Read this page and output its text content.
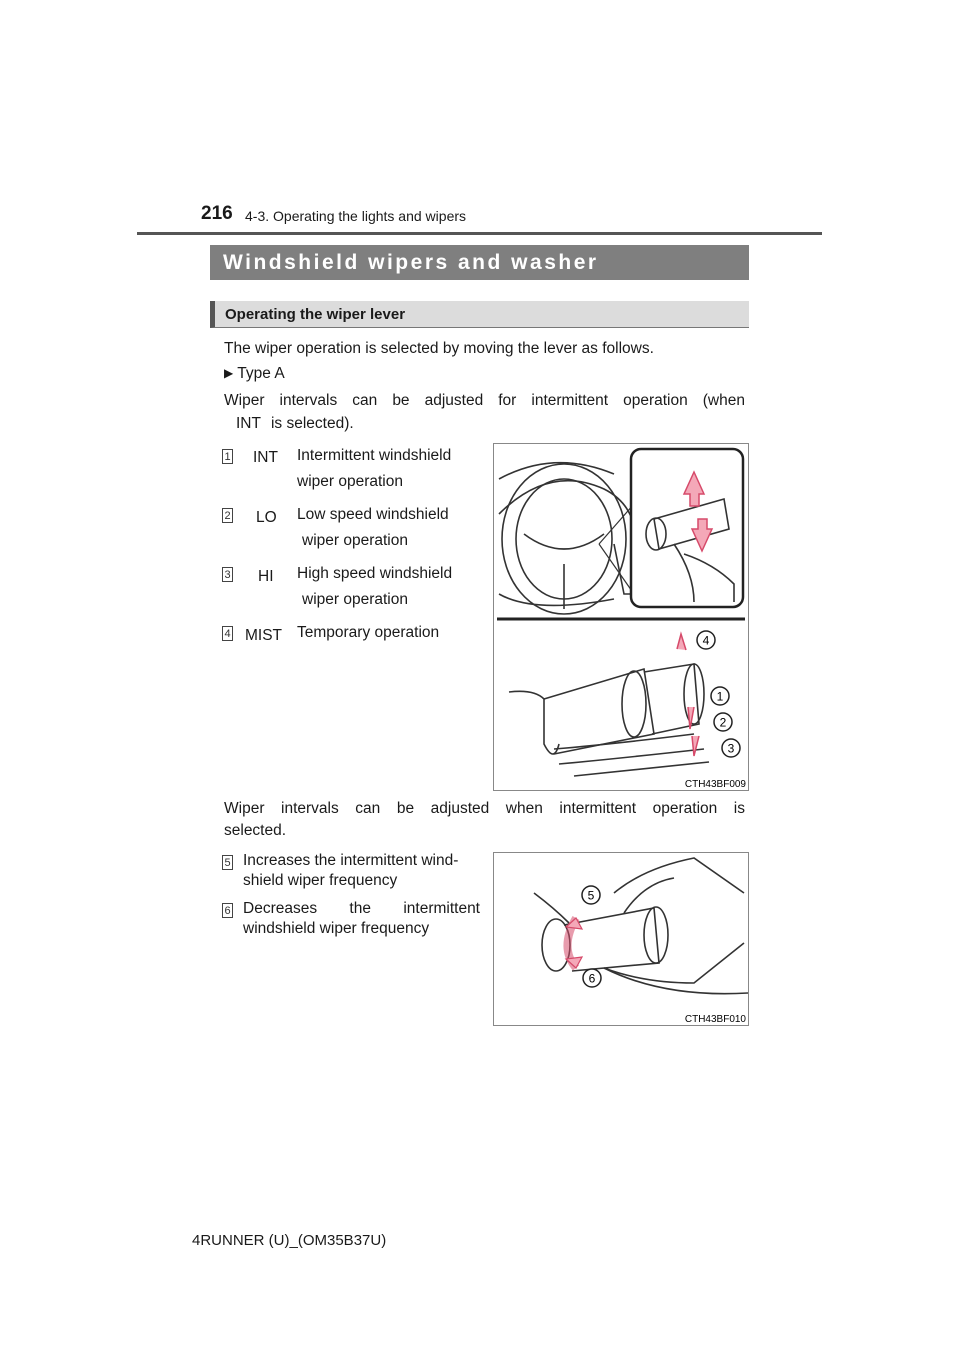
216 4-3. Operating the lights and wipers
Windshield wipers and washer
Operating the wiper lever
The wiper operation is selected by moving the lever as follows.
▶ Type A
Wiper intervals can be adjusted for intermittent operation (when
INT is selected).
1 INT Intermittent windshield
wiper operation
2 LO Low speed windshield
wiper operation
3 HI High speed windshield
wiper operation
4 MIST Temporary operation	4
1
2
3
CTH43BF009
Wiper intervals can be adjusted when intermittent operation is
selected.
5 Increases the intermittent wind-
shield wiper frequency
6 Decreases the intermittent
windshield wiper frequency
5
6
CTH43BF010
4RUNNER (U)_(OM35B37U)
